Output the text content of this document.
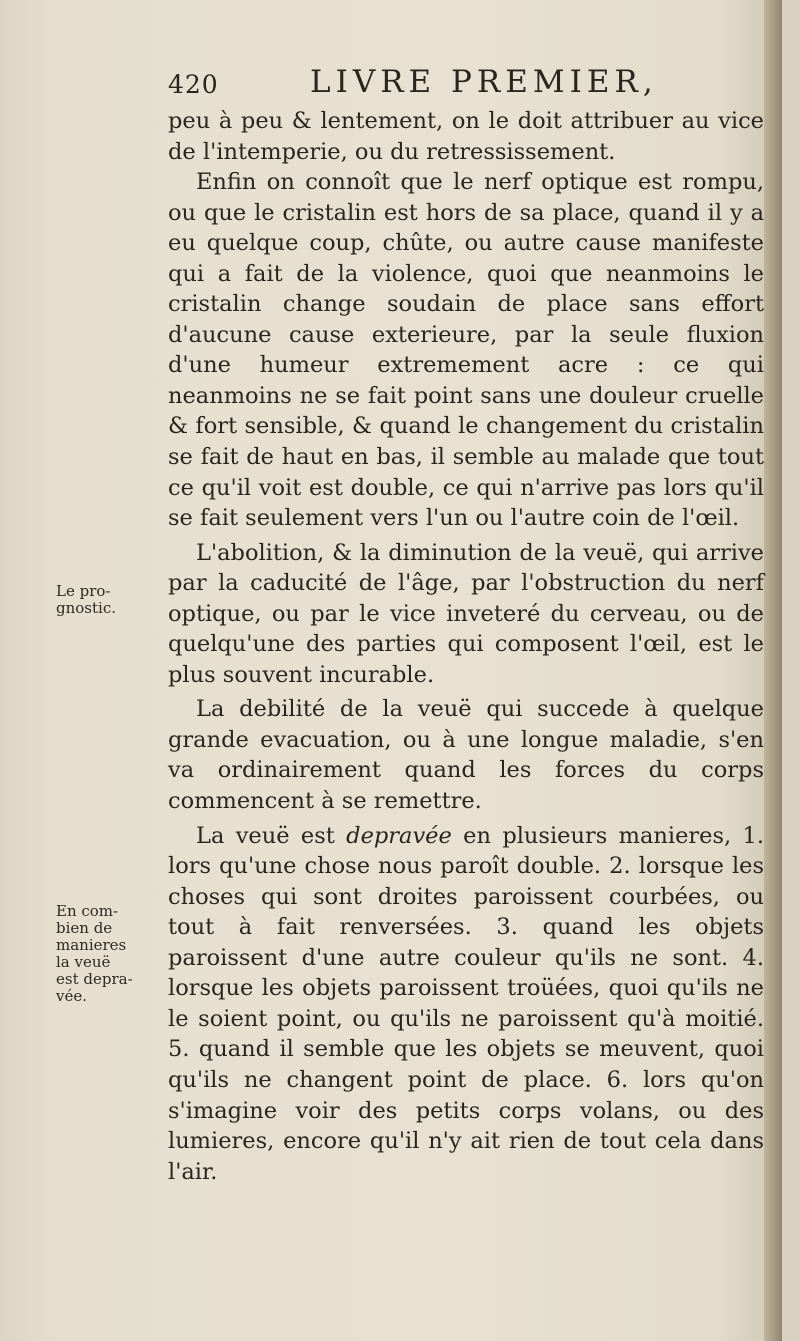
420	LIVRE PREMIER,
Le pro-
gnostic.
En com-
bien de
manieres
la veuë
est depra-
vée.

peu à peu & lentement, on le doit attribuer au vice de l'intemperie, ou du retressissement.

Enfin on connoît que le nerf optique est rompu, ou que le cristalin est hors de sa place, quand il y a eu quelque coup, chûte, ou autre cause manifeste qui a fait de la violence, quoi que neanmoins le cristalin change soudain de place sans effort d'aucune cause exterieure, par la seule fluxion d'une humeur extremement acre : ce qui neanmoins ne se fait point sans une douleur cruelle & fort sensible, & quand le changement du cristalin se fait de haut en bas, il semble au malade que tout ce qu'il voit est double, ce qui n'arrive pas lors qu'il se fait seulement vers l'un ou l'autre coin de l'œil.

L'abolition, & la diminution de la veuë, qui arrive par la caducité de l'âge, par l'obstruction du nerf optique, ou par le vice inveteré du cerveau, ou de quelqu'une des parties qui composent l'œil, est le plus souvent incurable.

La debilité de la veuë qui succede à quelque grande evacuation, ou à une longue maladie, s'en va ordinairement quand les forces du corps commencent à se remettre.

La veuë est depravée en plusieurs manieres, 1. lors qu'une chose nous paroît double. 2. lorsque les choses qui sont droites paroissent courbées, ou tout à fait renversées. 3. quand les objets paroissent d'une autre couleur qu'ils ne sont. 4. lorsque les objets paroissent troüées, quoi qu'ils ne le soient point, ou qu'ils ne paroissent qu'à moitié. 5. quand il semble que les objets se meuvent, quoi qu'ils ne changent point de place. 6. lors qu'on s'imagine voir des petits corps volans, ou des lumieres, encore qu'il n'y ait rien de tout cela dans l'air.
